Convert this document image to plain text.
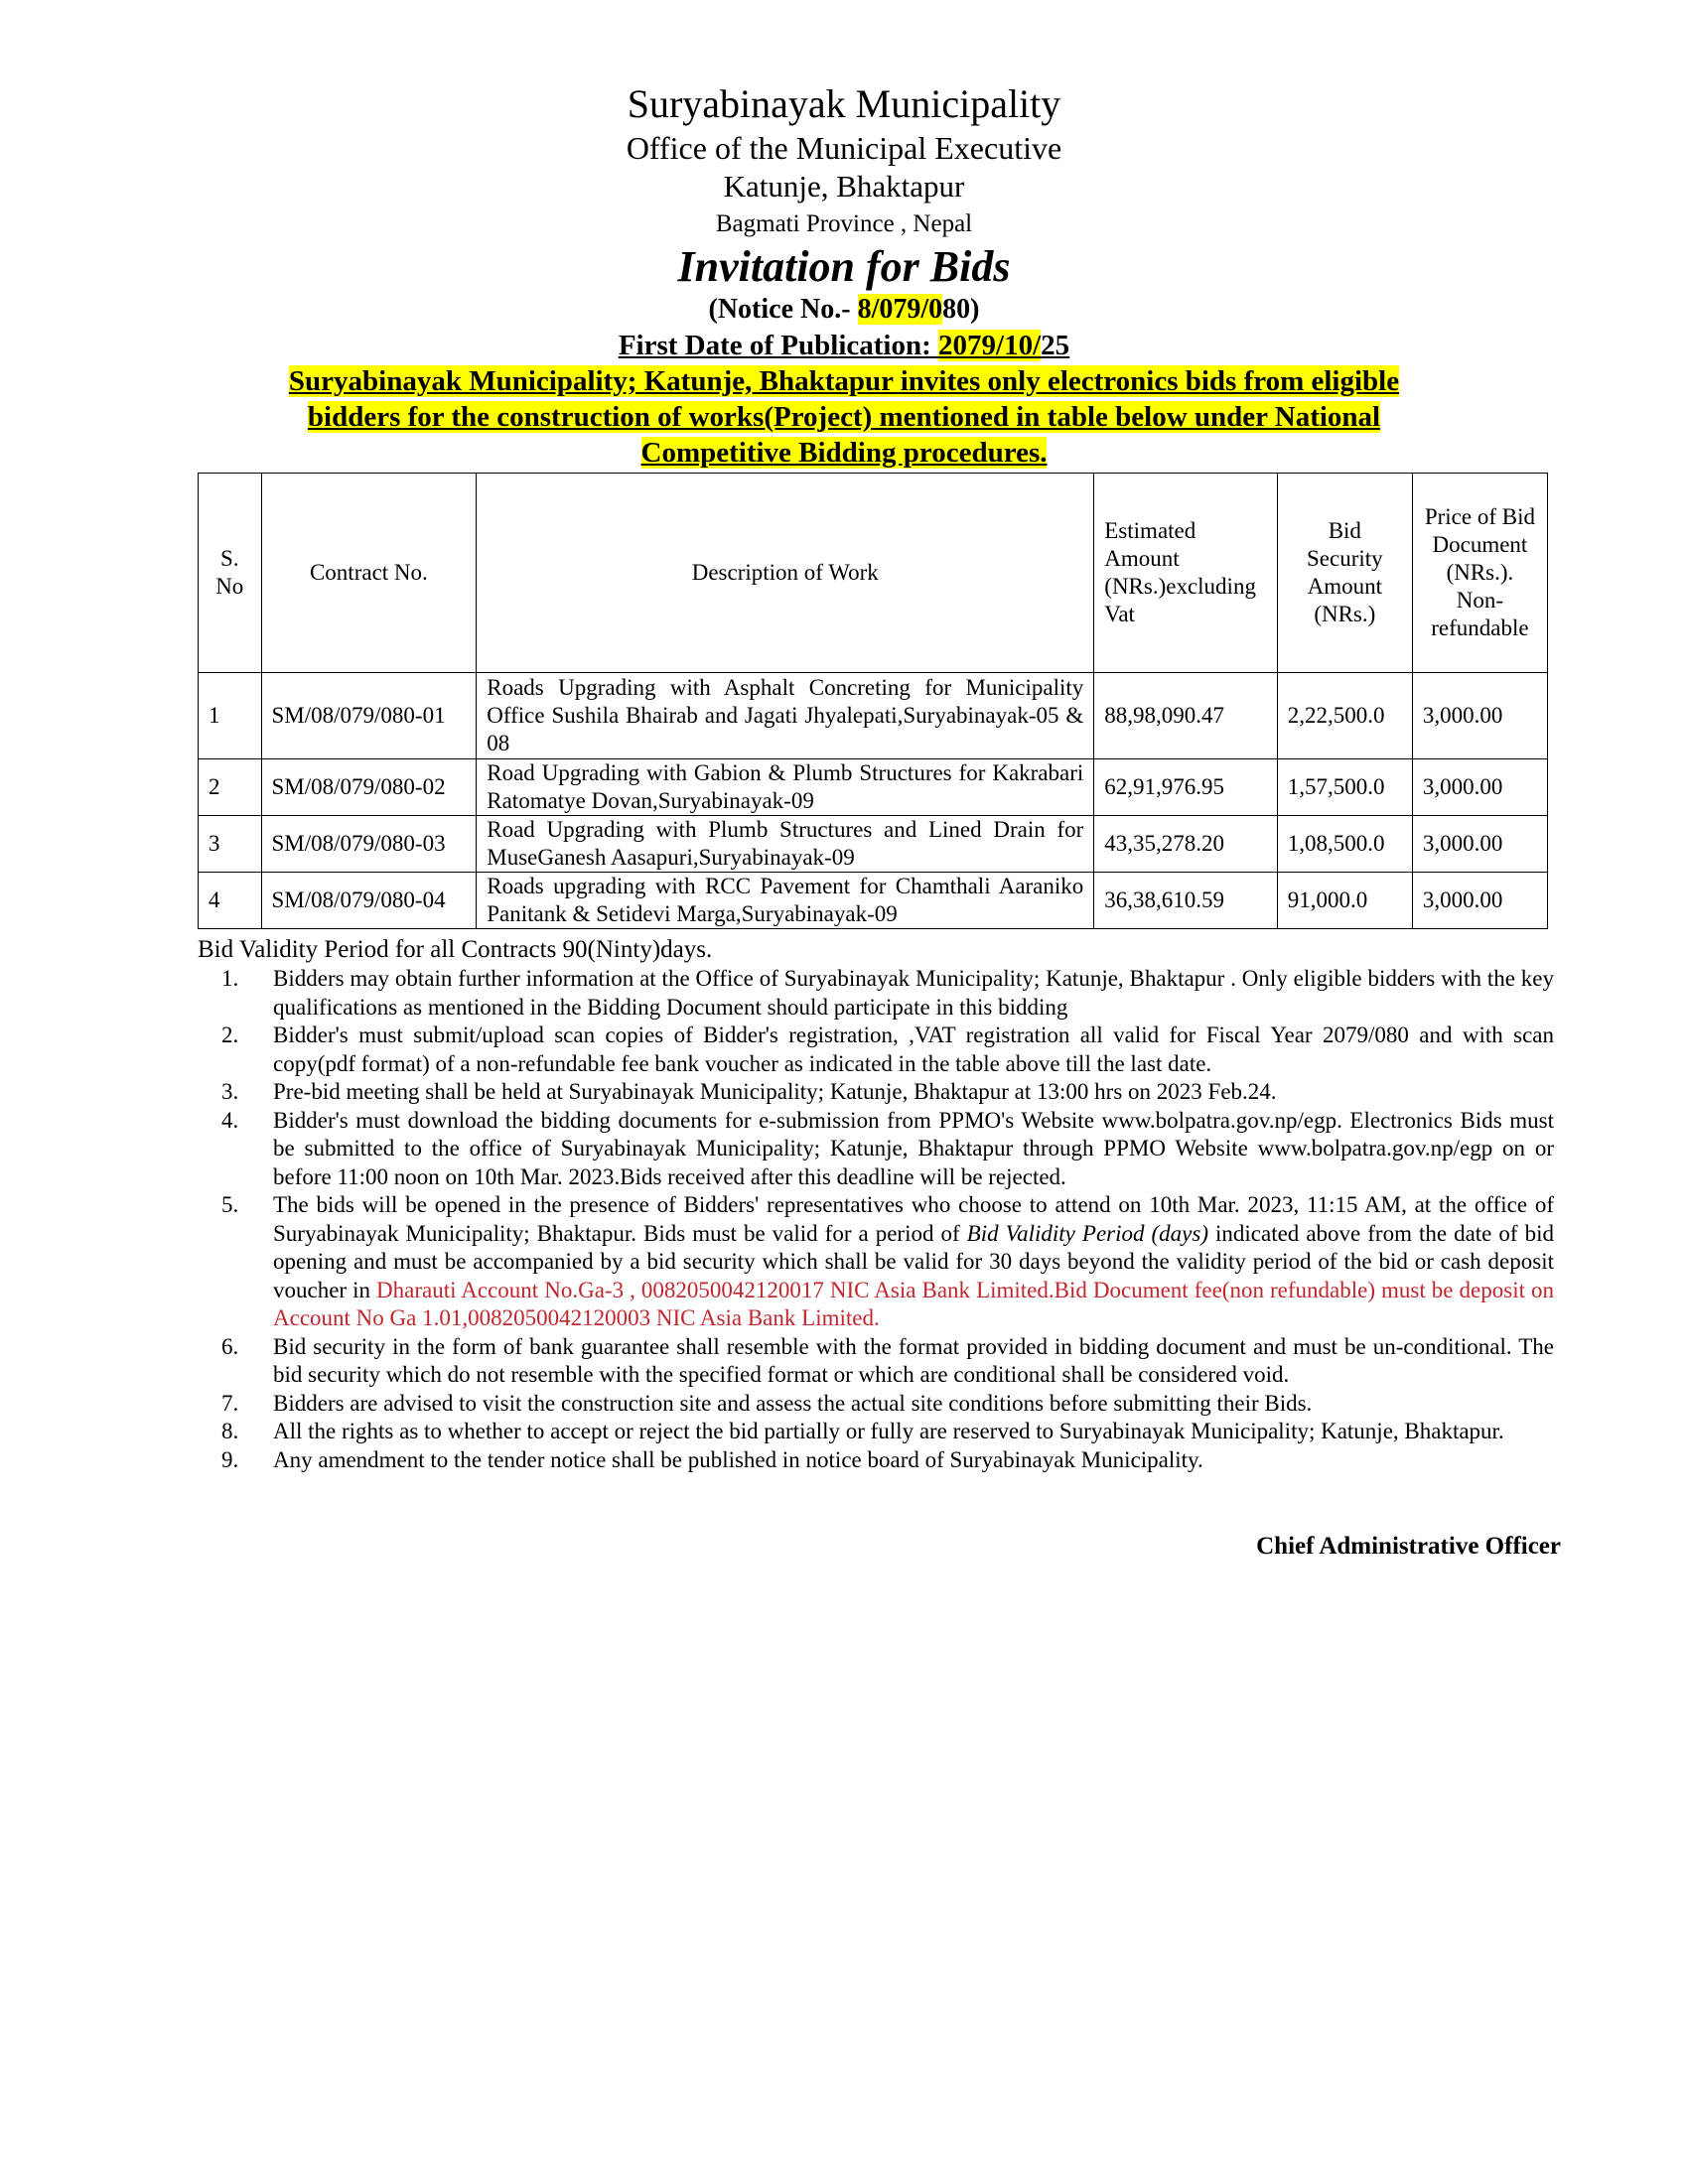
Suryabinayak Municipality
Office of the Municipal Executive
Katunje, Bhaktapur
Bagmati Province , Nepal
Invitation for Bids
(Notice No.- 8/079/080)
First Date of Publication: 2079/10/25
Suryabinayak Municipality; Katunje, Bhaktapur invites only electronics bids from eligible
bidders for the construction of works(Project) mentioned in table below under National
Competitive Bidding procedures.
S. No	Contract No.	Description of Work	Estimated Amount (NRs.)excluding Vat	Bid Security Amount (NRs.)	Price of Bid Document (NRs.). Non-refundable
1	SM/08/079/080-01	Roads Upgrading with Asphalt Concreting for Municipality Office Sushila Bhairab and Jagati Jhyalepati,Suryabinayak-05 & 08	88,98,090.47	2,22,500.0	3,000.00
2	SM/08/079/080-02	Road Upgrading with Gabion & Plumb Structures for Kakrabari Ratomatye Dovan,Suryabinayak-09	62,91,976.95	1,57,500.0	3,000.00
3	SM/08/079/080-03	Road Upgrading with Plumb Structures and Lined Drain for MuseGanesh Aasapuri,Suryabinayak-09	43,35,278.20	1,08,500.0	3,000.00
4	SM/08/079/080-04	Roads upgrading with RCC Pavement for Chamthali Aaraniko Panitank & Setidevi Marga,Suryabinayak-09	36,38,610.59	91,000.0	3,000.00
Bid Validity Period for all Contracts 90(Ninty)days.
1. Bidders may obtain further information at the Office of Suryabinayak Municipality; Katunje, Bhaktapur . Only eligible bidders with the key qualifications as mentioned in the Bidding Document should participate in this bidding
2. Bidder's must submit/upload scan copies of Bidder's registration, ,VAT registration all valid for Fiscal Year 2079/080 and with scan copy(pdf format) of a non-refundable fee bank voucher as indicated in the table above till the last date.
3. Pre-bid meeting shall be held at Suryabinayak Municipality; Katunje, Bhaktapur at 13:00 hrs on 2023 Feb.24.
4. Bidder's must download the bidding documents for e-submission from PPMO's Website www.bolpatra.gov.np/egp. Electronics Bids must be submitted to the office of Suryabinayak Municipality; Katunje, Bhaktapur through PPMO Website www.bolpatra.gov.np/egp on or before 11:00 noon on 10th Mar. 2023.Bids received after this deadline will be rejected.
5. The bids will be opened in the presence of Bidders' representatives who choose to attend on 10th Mar. 2023, 11:15 AM, at the office of Suryabinayak Municipality; Bhaktapur. Bids must be valid for a period of Bid Validity Period (days) indicated above from the date of bid opening and must be accompanied by a bid security which shall be valid for 30 days beyond the validity period of the bid or cash deposit voucher in Dharauti Account No.Ga-3 , 0082050042120017 NIC Asia Bank Limited.Bid Document fee(non refundable) must be deposit on Account No Ga 1.01,0082050042120003 NIC Asia Bank Limited.
6. Bid security in the form of bank guarantee shall resemble with the format provided in bidding document and must be un-conditional. The bid security which do not resemble with the specified format or which are conditional shall be considered void.
7. Bidders are advised to visit the construction site and assess the actual site conditions before submitting their Bids.
8. All the rights as to whether to accept or reject the bid partially or fully are reserved to Suryabinayak Municipality; Katunje, Bhaktapur.
9. Any amendment to the tender notice shall be published in notice board of Suryabinayak Municipality.
Chief Administrative Officer
